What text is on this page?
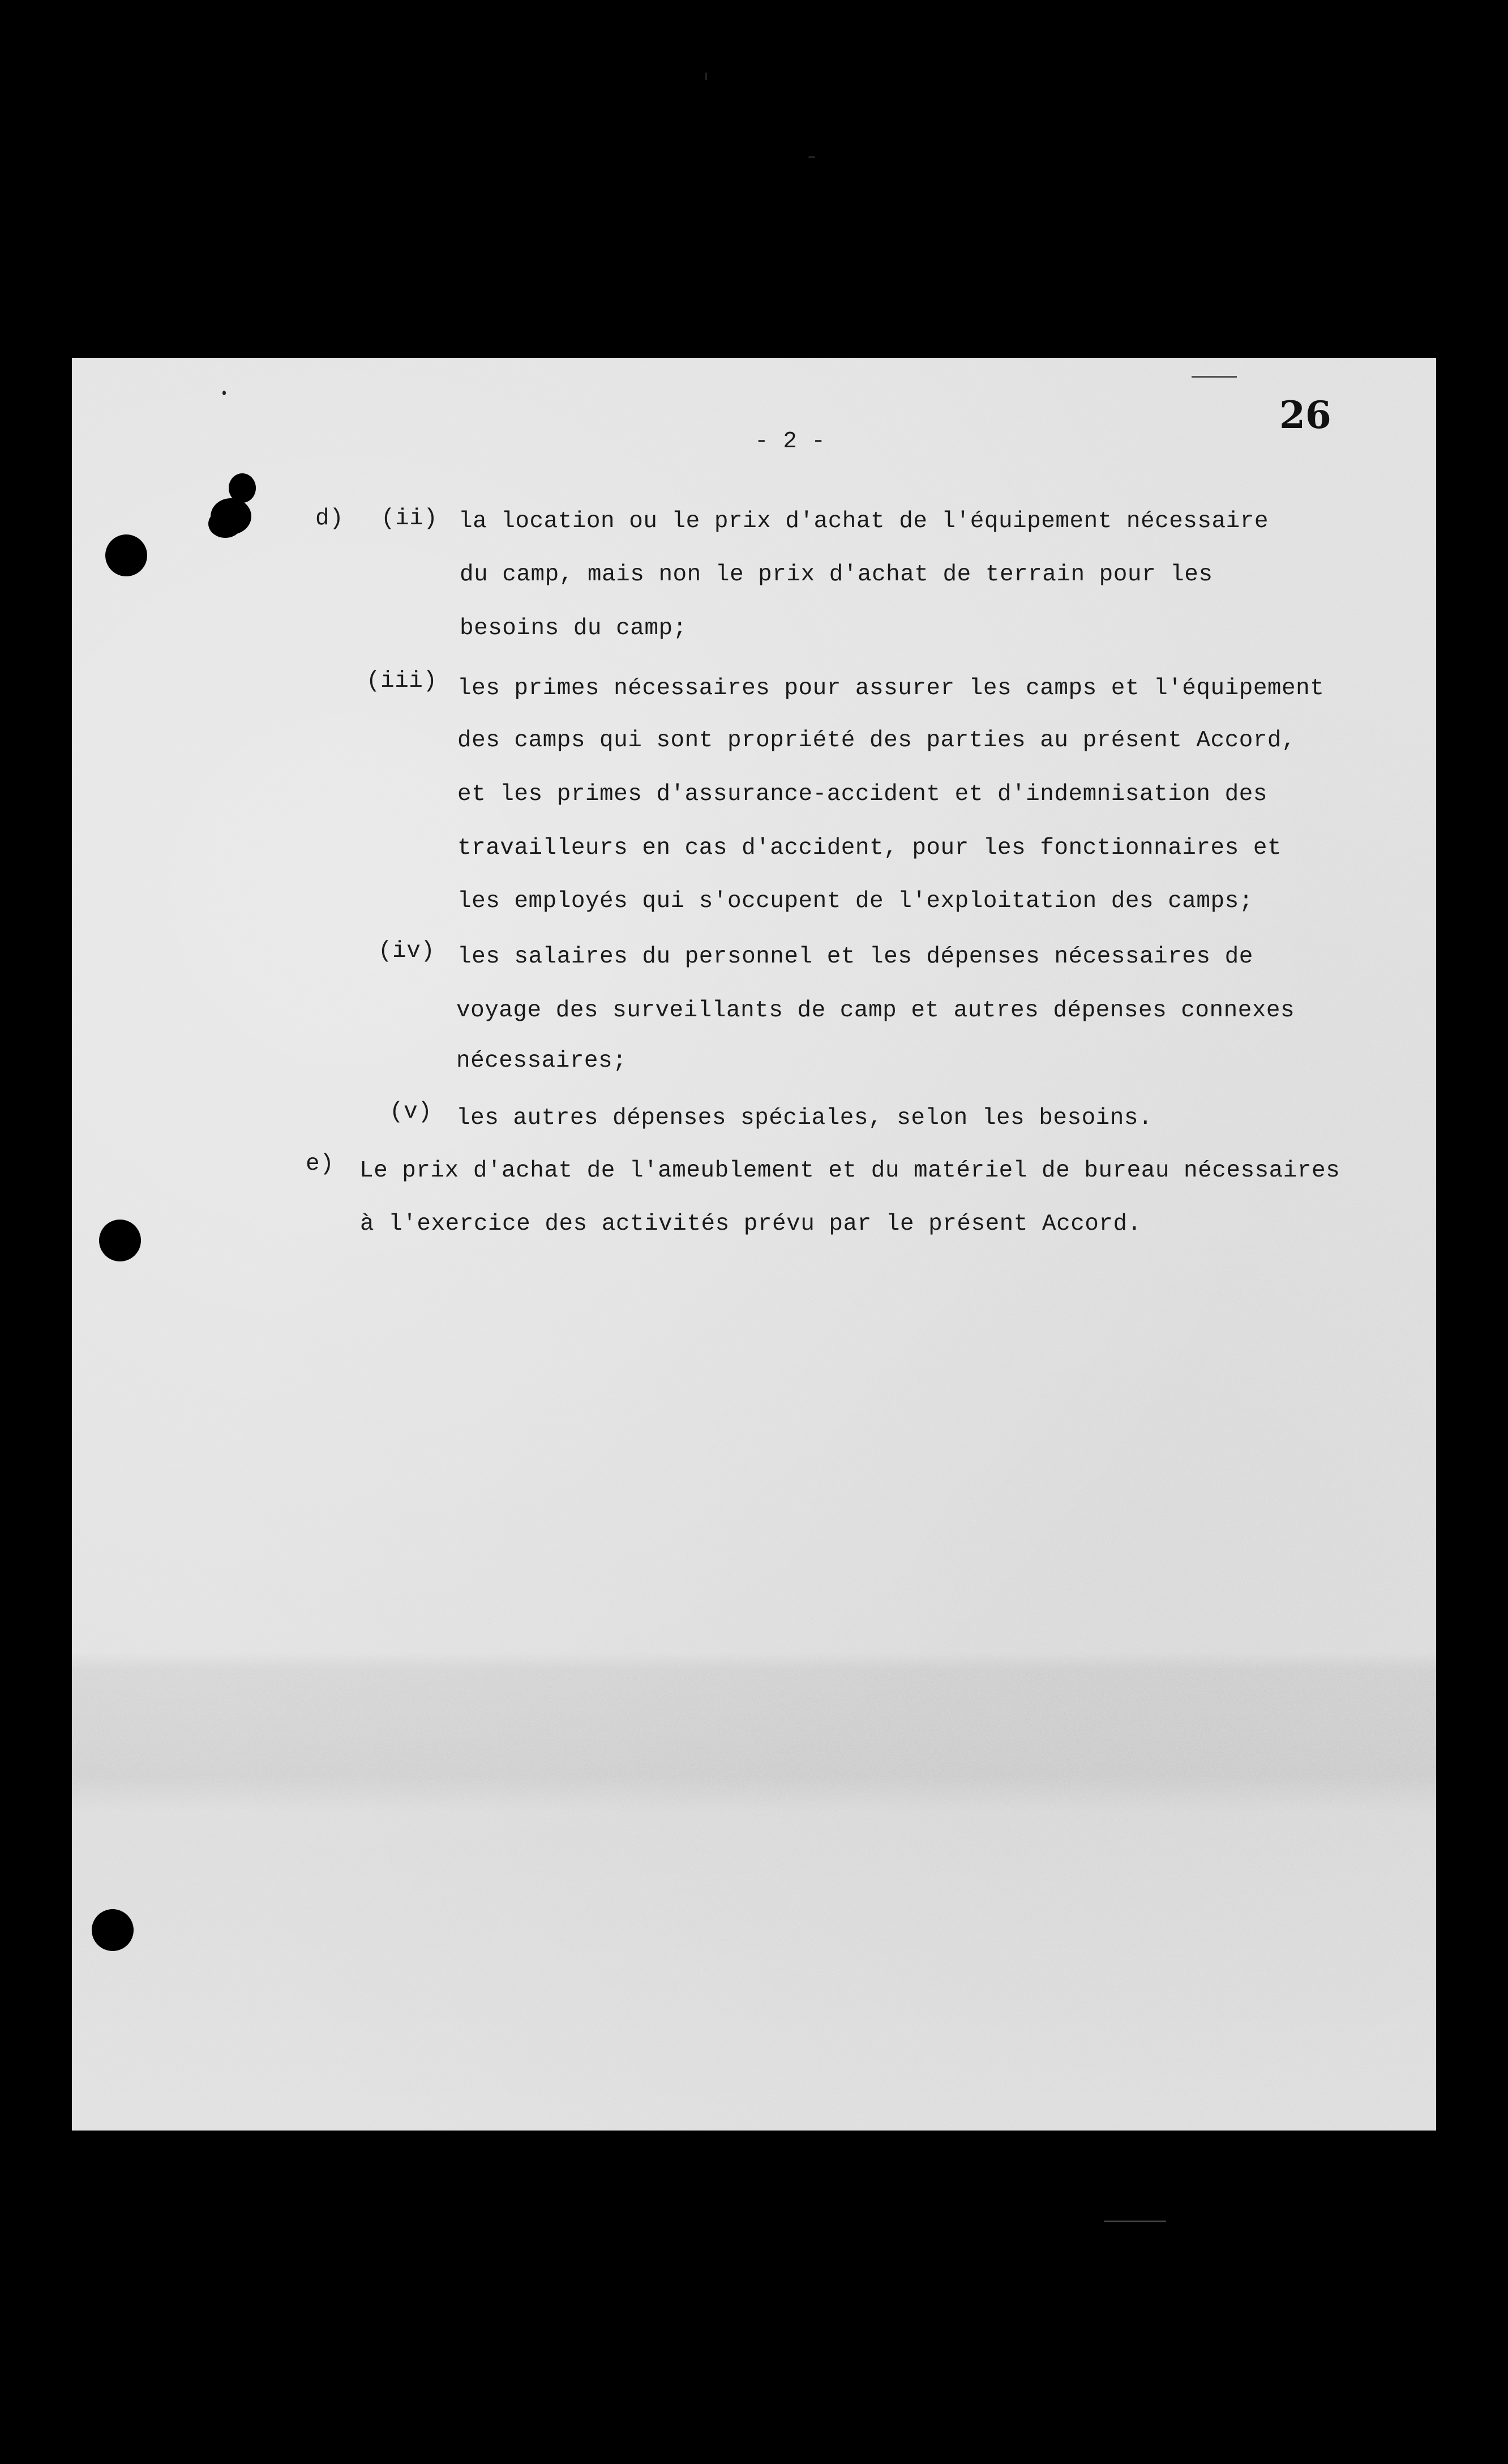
- 2 -
26
d) (ii) la location ou le prix d'achat de l'équipement nécessaire
du camp, mais non le prix d'achat de terrain pour les
besoins du camp;
(iii) les primes nécessaires pour assurer les camps et l'équipement
des camps qui sont propriété des parties au présent Accord,
et les primes d'assurance-accident et d'indemnisation des
travailleurs en cas d'accident, pour les fonctionnaires et
les employés qui s'occupent de l'exploitation des camps;
(iv) les salaires du personnel et les dépenses nécessaires de
voyage des surveillants de camp et autres dépenses connexes
nécessaires;
(v) les autres dépenses spéciales, selon les besoins.
e) Le prix d'achat de l'ameublement et du matériel de bureau nécessaires
à l'exercice des activités prévu par le présent Accord.
